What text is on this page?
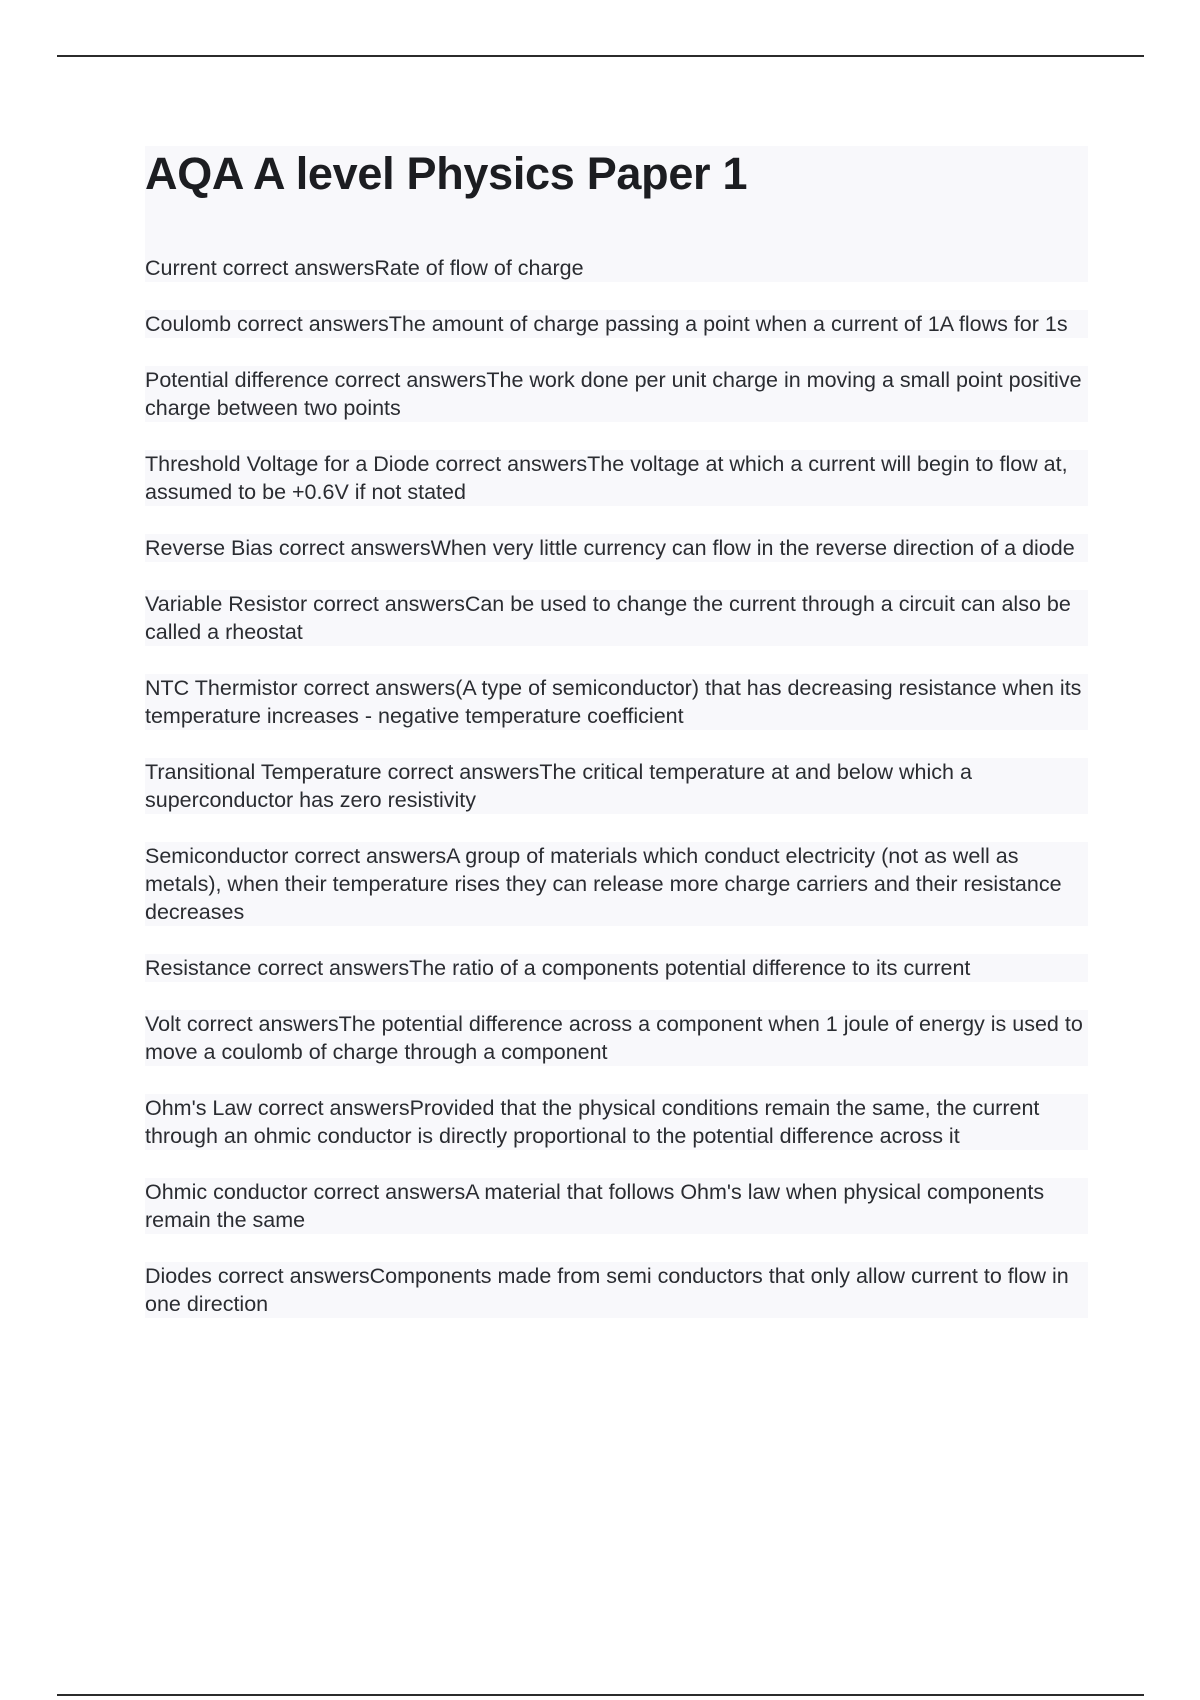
AQA A level Physics Paper 1

Current correct answersRate of flow of charge

Coulomb correct answersThe amount of charge passing a point when a current of 1A flows for 1s

Potential difference correct answersThe work done per unit charge in moving a small point positive charge between two points

Threshold Voltage for a Diode correct answersThe voltage at which a current will begin to flow at, assumed to be +0.6V if not stated

Reverse Bias correct answersWhen very little currency can flow in the reverse direction of a diode

Variable Resistor correct answersCan be used to change the current through a circuit can also be called a rheostat

NTC Thermistor correct answers(A type of semiconductor) that has decreasing resistance when its temperature increases - negative temperature coefficient

Transitional Temperature correct answersThe critical temperature at and below which a superconductor has zero resistivity

Semiconductor correct answersA group of materials which conduct electricity (not as well as metals), when their temperature rises they can release more charge carriers and their resistance decreases

Resistance correct answersThe ratio of a components potential difference to its current

Volt correct answersThe potential difference across a component when 1 joule of energy is used to move a coulomb of charge through a component

Ohm's Law correct answersProvided that the physical conditions remain the same, the current through an ohmic conductor is directly proportional to the potential difference across it

Ohmic conductor correct answersA material that follows Ohm's law when physical components remain the same

Diodes correct answersComponents made from semi conductors that only allow current to flow in one direction
